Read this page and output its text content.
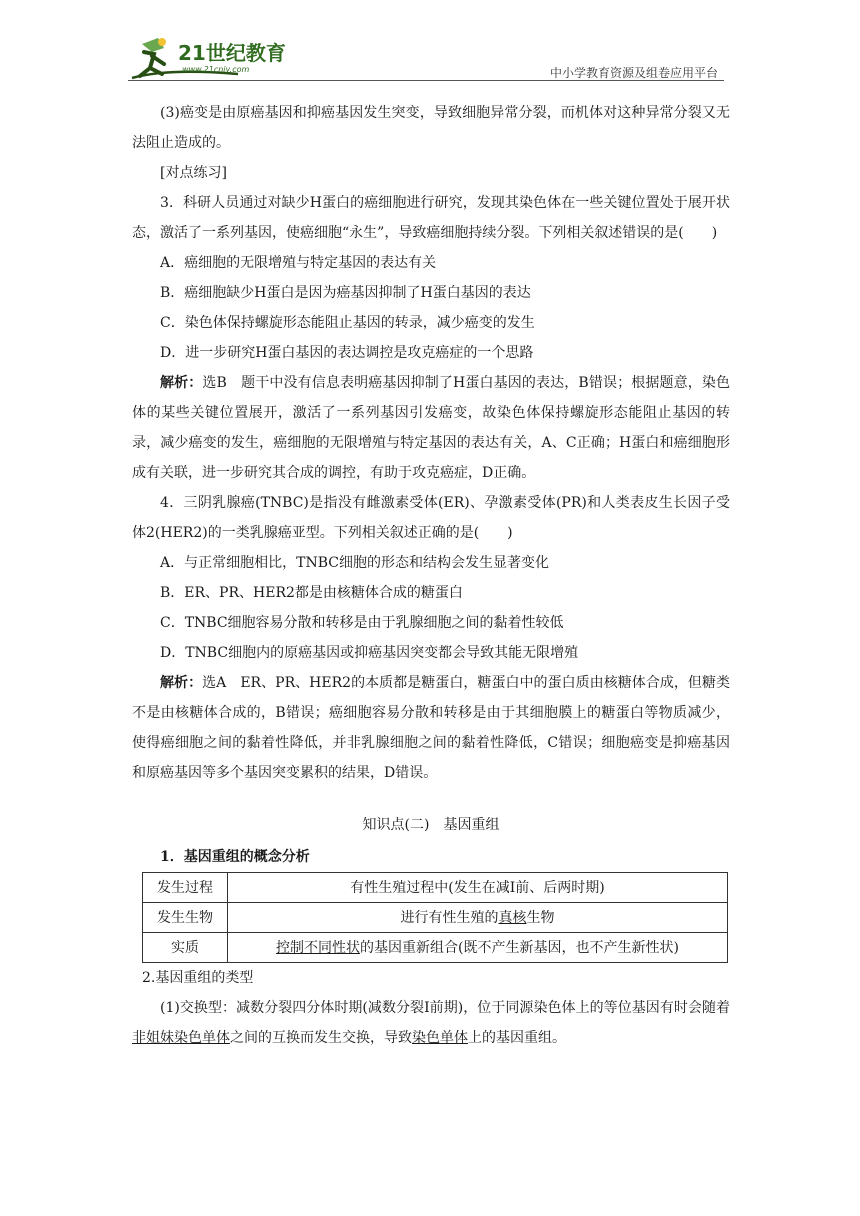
21世纪教育
www.21cnjy.com	中小学教育资源及组卷应用平台

(3)癌变是由原癌基因和抑癌基因发生突变，导致细胞异常分裂，而机体对这种异常分裂又无法阻止造成的。

[对点练习]

3．科研人员通过对缺少H蛋白的癌细胞进行研究，发现其染色体在一些关键位置处于展开状态，激活了一系列基因，使癌细胞“永生”，导致癌细胞持续分裂。下列相关叙述错误的是(　　)

A．癌细胞的无限增殖与特定基因的表达有关

B．癌细胞缺少H蛋白是因为癌基因抑制了H蛋白基因的表达

C．染色体保持螺旋形态能阻止基因的转录，减少癌变的发生

D．进一步研究H蛋白基因的表达调控是攻克癌症的一个思路

解析：选B　题干中没有信息表明癌基因抑制了H蛋白基因的表达，B错误；根据题意，染色体的某些关键位置展开，激活了一系列基因引发癌变，故染色体保持螺旋形态能阻止基因的转录，减少癌变的发生，癌细胞的无限增殖与特定基因的表达有关，A、C正确；H蛋白和癌细胞形成有关联，进一步研究其合成的调控，有助于攻克癌症，D正确。

4．三阴乳腺癌(TNBC)是指没有雌激素受体(ER)、孕激素受体(PR)和人类表皮生长因子受体2(HER2)的一类乳腺癌亚型。下列相关叙述正确的是(　　)

A．与正常细胞相比，TNBC细胞的形态和结构会发生显著变化

B．ER、PR、HER2都是由核糖体合成的糖蛋白

C．TNBC细胞容易分散和转移是由于乳腺细胞之间的黏着性较低

D．TNBC细胞内的原癌基因或抑癌基因突变都会导致其能无限增殖

解析：选A　ER、PR、HER2的本质都是糖蛋白，糖蛋白中的蛋白质由核糖体合成，但糖类不是由核糖体合成的，B错误；癌细胞容易分散和转移是由于其细胞膜上的糖蛋白等物质减少，使得癌细胞之间的黏着性降低，并非乳腺细胞之间的黏着性降低，C错误；细胞癌变是抑癌基因和原癌基因等多个基因突变累积的结果，D错误。

知识点(二)　基因重组

1．基因重组的概念分析

发生过程	有性生殖过程中(发生在减Ⅰ前、后两时期)
发生生物	进行有性生殖的真核生物
实质	控制不同性状的基因重新组合(既不产生新基因，也不产生新性状)

2.基因重组的类型

(1)交换型：减数分裂四分体时期(减数分裂Ⅰ前期)，位于同源染色体上的等位基因有时会随着非姐妹染色单体之间的互换而发生交换，导致染色单体上的基因重组。
